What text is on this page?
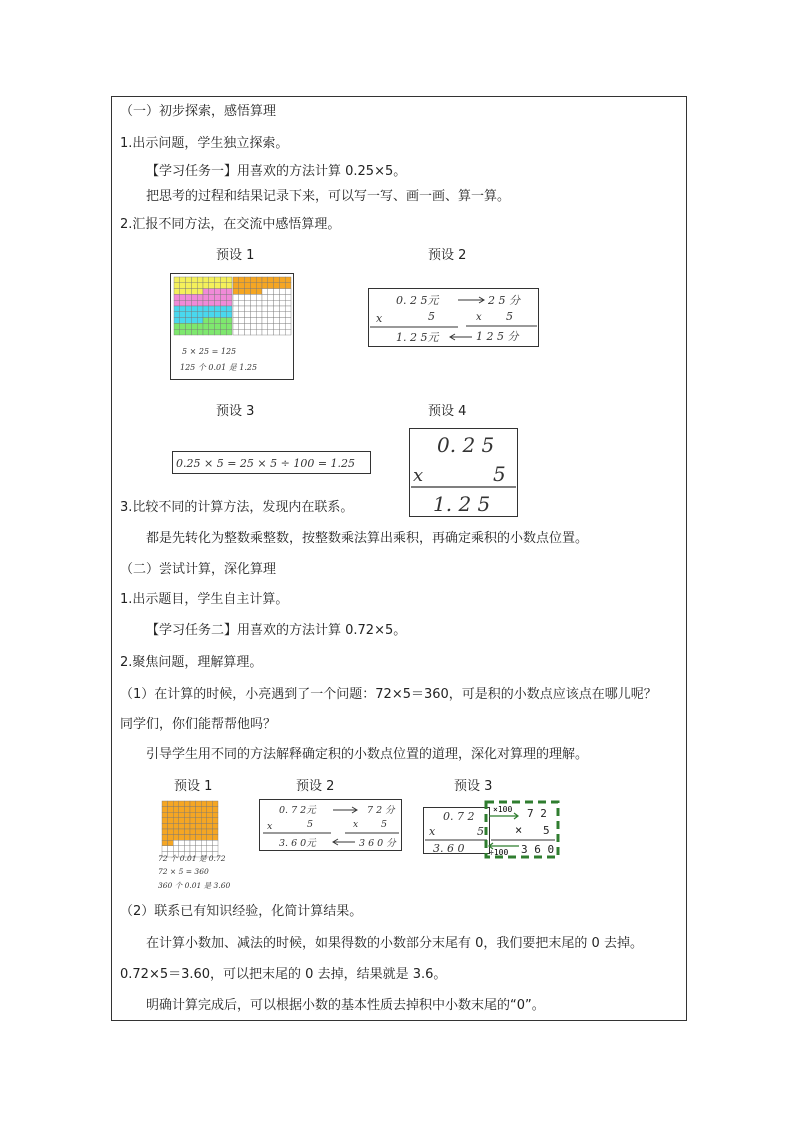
（一）初步探索，感悟算理
1.出示问题，学生独立探索。
【学习任务一】用喜欢的方法计算 0.25×5。
把思考的过程和结果记录下来，可以写一写、画一画、算一算。
2.汇报不同方法，在交流中感悟算理。
预设 1	预设 2
预设 3	预设 4
5 × 25 = 125
125 个 0.01 是 1.25
0. 2 5元
x	5
1. 2 5元
2 5 分
x 5
1 2 5 分
0.25 × 5 = 25 × 5 ÷ 100 = 1.25
0. 2 5
x	5
1. 2 5
3.比较不同的计算方法，发现内在联系。
都是先转化为整数乘整数，按整数乘法算出乘积，再确定乘积的小数点位置。
（二）尝试计算，深化算理
1.出示题目，学生自主计算。
【学习任务二】用喜欢的方法计算 0.72×5。
2.聚焦问题，理解算理。
（1）在计算的时候，小亮遇到了一个问题：72×5＝360，可是积的小数点应该点在哪儿呢？
同学们，你们能帮帮他吗？
引导学生用不同的方法解释确定积的小数点位置的道理，深化对算理的理解。
预设 1	预设 2	预设 3
72 个 0.01 是 0.72
72 × 5 = 360
360 个 0.01 是 3.60
0. 7 2元
x	5
3. 6 0元
7 2 分
x 5
3 6 0 分
0. 7 2
x	5
3. 6 0
×100 7 2
× 5
3 6 0
÷100
（2）联系已有知识经验，化简计算结果。
在计算小数加、减法的时候，如果得数的小数部分末尾有 0，我们要把末尾的 0 去掉。
0.72×5＝3.60，可以把末尾的 0 去掉，结果就是 3.6。
明确计算完成后，可以根据小数的基本性质去掉积中小数末尾的“0”。
